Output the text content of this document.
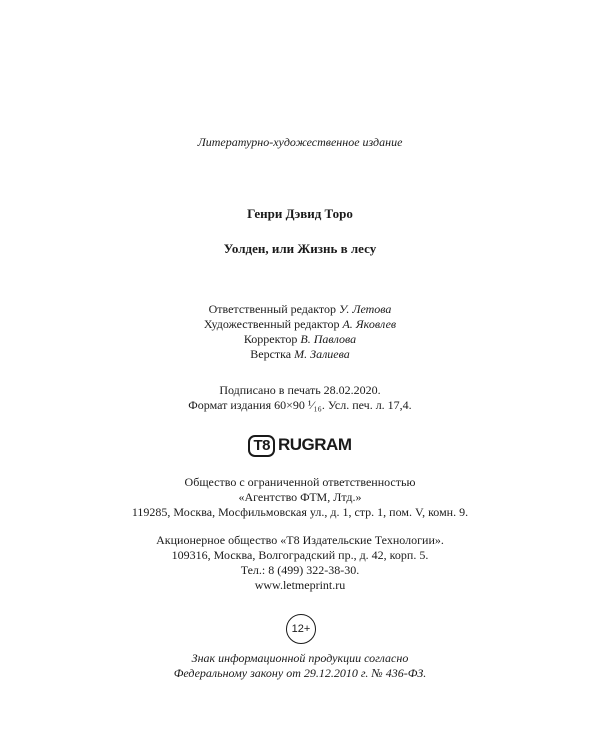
Литературно-художественное издание
Генри Дэвид Торо
Уолден, или Жизнь в лесу
Ответственный редактор У. Летова
Художественный редактор А. Яковлев
Корректор В. Павлова
Верстка М. Залиева
Подписано в печать 28.02.2020.
Формат издания 60×90 ¹⁄₁₆. Усл. печ. л. 17,4.
T8 RUGRAM
Общество с ограниченной ответственностью
«Агентство ФТМ, Лтд.»
119285, Москва, Мосфильмовская ул., д. 1, стр. 1, пом. V, комн. 9.
Акционерное общество «Т8 Издательские Технологии».
109316, Москва, Волгоградский пр., д. 42, корп. 5.
Тел.: 8 (499) 322-38-30.
www.letmeprint.ru
12+
Знак информационной продукции согласно
Федеральному закону от 29.12.2010 г. № 436-ФЗ.
